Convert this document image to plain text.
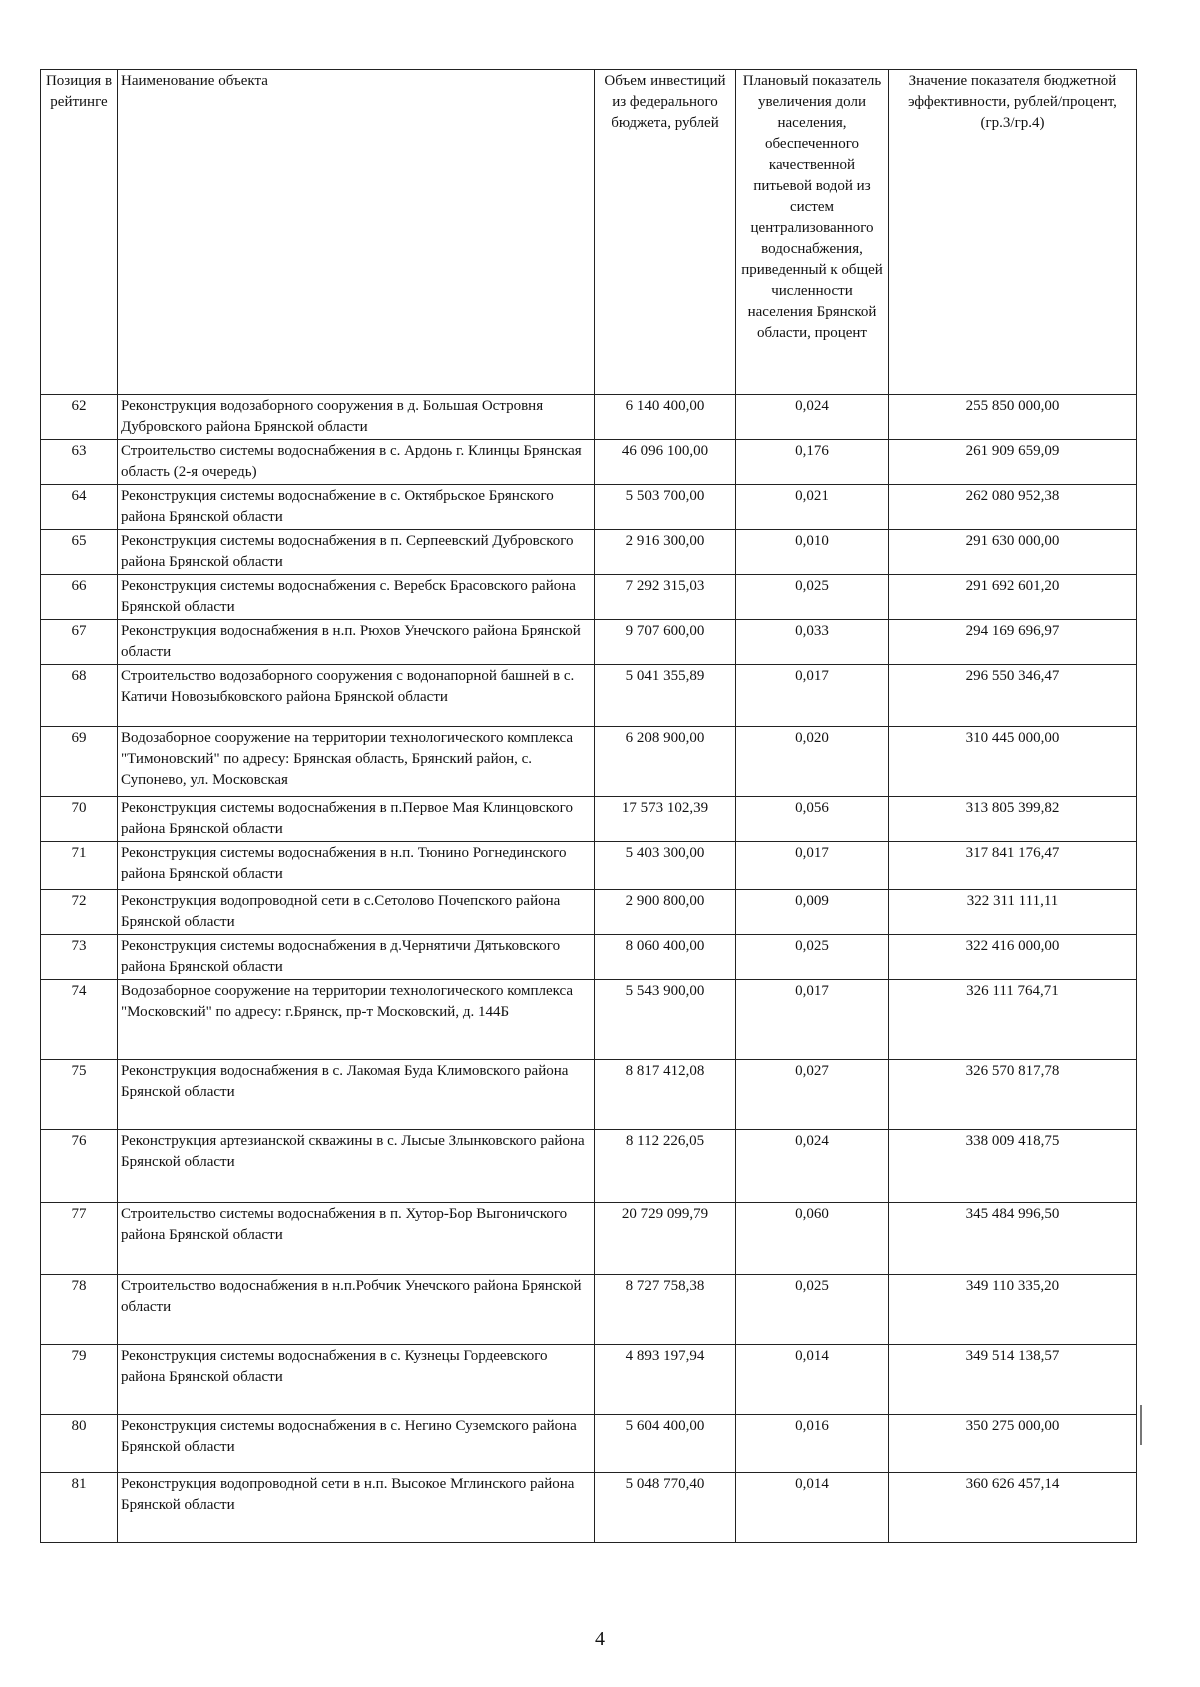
Позиция в рейтинге	Наименование объекта	Объем инвестиций из федерального бюджета, рублей	Плановый показатель увеличения доли населения, обеспеченного качественной питьевой водой из систем централизованного водоснабжения, приведенный к общей численности населения Брянской области, процент	Значение показателя бюджетной эффективности, рублей/процент, (гр.3/гр.4)
62	Реконструкция водозаборного сооружения в д. Большая Островня Дубровского района Брянской области	6 140 400,00	0,024	255 850 000,00
63	Строительство системы водоснабжения в с. Ардонь г. Клинцы Брянская область (2-я очередь)	46 096 100,00	0,176	261 909 659,09
64	Реконструкция системы водоснабжение в с. Октябрьское Брянского района Брянской области	5 503 700,00	0,021	262 080 952,38
65	Реконструкция системы водоснабжения в п. Серпеевский Дубровского района Брянской области	2 916 300,00	0,010	291 630 000,00
66	Реконструкция системы водоснабжения с. Веребск Брасовского района Брянской области	7 292 315,03	0,025	291 692 601,20
67	Реконструкция водоснабжения в н.п. Рюхов Унечского района Брянской области	9 707 600,00	0,033	294 169 696,97
68	Строительство водозаборного сооружения с водонапорной башней в с. Катичи Новозыбковского района Брянской области	5 041 355,89	0,017	296 550 346,47
69	Водозаборное сооружение на территории технологического комплекса "Тимоновский" по адресу: Брянская область, Брянский район, с. Супонево, ул. Московская	6 208 900,00	0,020	310 445 000,00
70	Реконструкция системы водоснабжения в п.Первое Мая Клинцовского района Брянской области	17 573 102,39	0,056	313 805 399,82
71	Реконструкция системы водоснабжения в н.п. Тюнино Рогнединского района Брянской области	5 403 300,00	0,017	317 841 176,47
72	Реконструкция водопроводной сети в с.Сетолово Почепского района Брянской области	2 900 800,00	0,009	322 311 111,11
73	Реконструкция системы водоснабжения в д.Чернятичи Дятьковского района Брянской области	8 060 400,00	0,025	322 416 000,00
74	Водозаборное сооружение на территории технологического комплекса "Московский" по адресу: г.Брянск, пр-т Московский, д. 144Б	5 543 900,00	0,017	326 111 764,71
75	Реконструкция водоснабжения в с. Лакомая Буда Климовского района Брянской области	8 817 412,08	0,027	326 570 817,78
76	Реконструкция артезианской скважины в с. Лысые Злынковского района Брянской области	8 112 226,05	0,024	338 009 418,75
77	Строительство системы водоснабжения в п. Хутор-Бор Выгоничского района Брянской области	20 729 099,79	0,060	345 484 996,50
78	Строительство водоснабжения в н.п.Робчик Унечского района Брянской области	8 727 758,38	0,025	349 110 335,20
79	Реконструкция системы водоснабжения в с. Кузнецы Гордеевского района Брянской области	4 893 197,94	0,014	349 514 138,57
80	Реконструкция системы водоснабжения в с. Негино Суземского района Брянской области	5 604 400,00	0,016	350 275 000,00
81	Реконструкция водопроводной сети в н.п. Высокое Мглинского района Брянской области	5 048 770,40	0,014	360 626 457,14
4
